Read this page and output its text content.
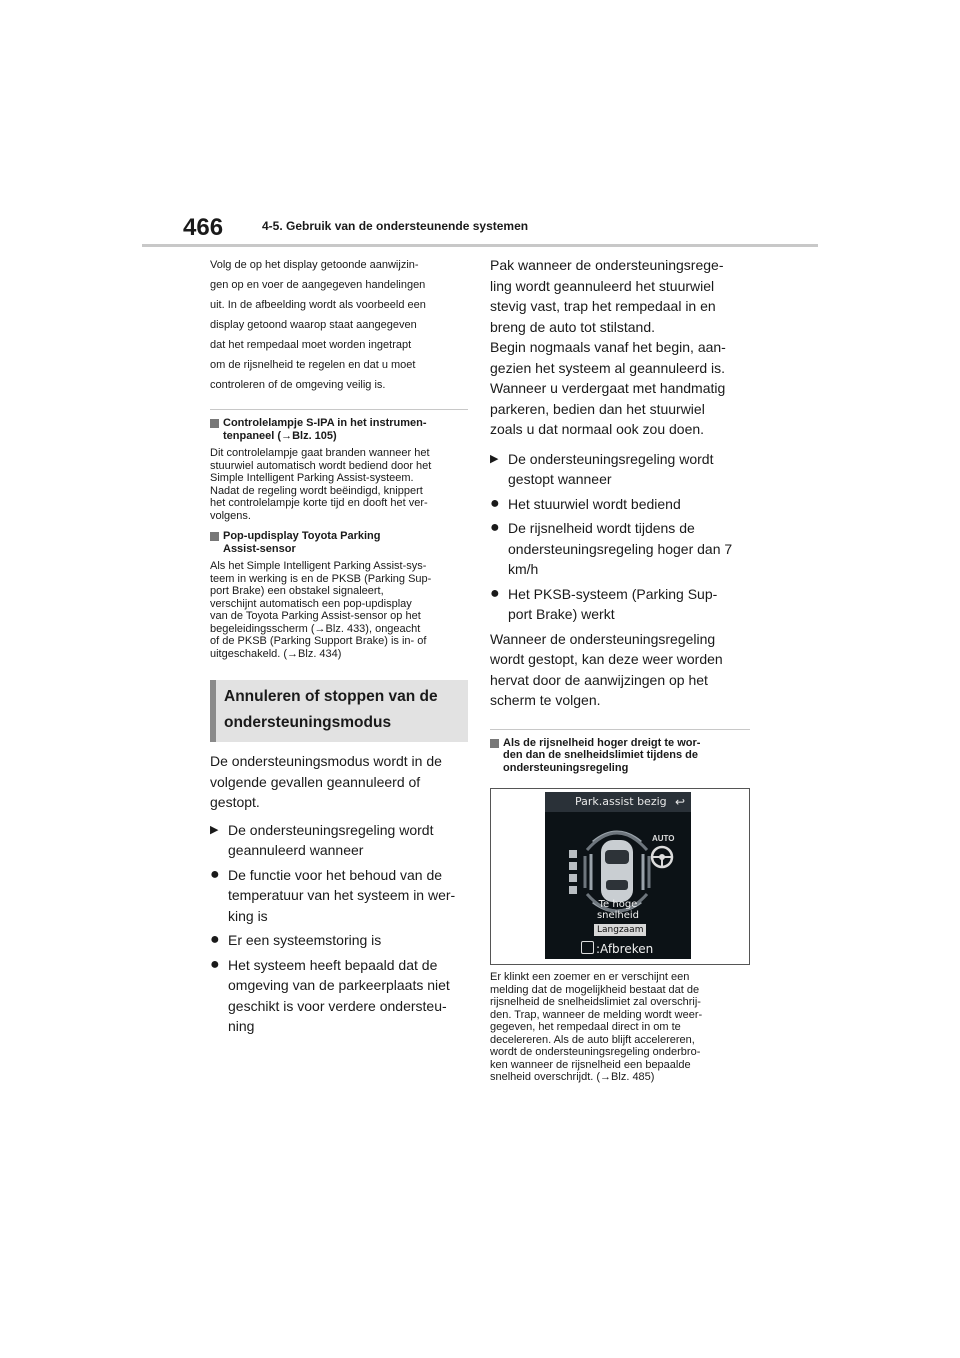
466	4-5. Gebruik van de ondersteunende systemen

Volg de op het display getoonde aanwijzin-

gen op en voer de aangegeven handelingen

uit. In de afbeelding wordt als voorbeeld een

display getoond waarop staat aangegeven

dat het rempedaal moet worden ingetrapt

om de rijsnelheid te regelen en dat u moet

controleren of de omgeving veilig is.

Controlelampje S-IPA in het instrumen-
tenpaneel (→Blz. 105)

Dit controlelampje gaat branden wanneer het

stuurwiel automatisch wordt bediend door het

Simple Intelligent Parking Assist-systeem.

Nadat de regeling wordt beëindigd, knippert

het controlelampje korte tijd en dooft het ver-

volgens.

Pop-updisplay Toyota Parking
Assist-sensor

Als het Simple Intelligent Parking Assist-sys-

teem in werking is en de PKSB (Parking Sup-

port Brake) een obstakel signaleert,

verschijnt automatisch een pop-updisplay

van de Toyota Parking Assist-sensor op het

begeleidingsscherm (→Blz. 433), ongeacht

of de PKSB (Parking Support Brake) is in- of

uitgeschakeld. (→Blz. 434)

Annuleren of stoppen van de
ondersteuningsmodus

De ondersteuningsmodus wordt in de

volgende gevallen geannuleerd of

gestopt.

▶ De ondersteuningsregeling wordt
geannuleerd wanneer
● De functie voor het behoud van de
temperatuur van het systeem in wer-
king is
● Er een systeemstoring is
● Het systeem heeft bepaald dat de
omgeving van de parkeerplaats niet
geschikt is voor verdere ondersteu-
ning

Pak wanneer de ondersteuningsrege-

ling wordt geannuleerd het stuurwiel

stevig vast, trap het rempedaal in en

breng de auto tot stilstand.

Begin nogmaals vanaf het begin, aan-

gezien het systeem al geannuleerd is.

Wanneer u verdergaat met handmatig

parkeren, bedien dan het stuurwiel

zoals u dat normaal ook zou doen.

▶ De ondersteuningsregeling wordt
gestopt wanneer
● Het stuurwiel wordt bediend
● De rijsnelheid wordt tijdens de
ondersteuningsregeling hoger dan 7
km/h
● Het PKSB-systeem (Parking Sup-
port Brake) werkt

Wanneer de ondersteuningsregeling

wordt gestopt, kan deze weer worden

hervat door de aanwijzingen op het

scherm te volgen.

Als de rijsnelheid hoger dreigt te wor-
den dan de snelheidslimiet tijdens de
ondersteuningsregeling
Park.assist bezig ↩
AUTO
Te hoge
snelheid
Langzaam
:Afbreken

Er klinkt een zoemer en er verschijnt een

melding dat de mogelijkheid bestaat dat de

rijsnelheid de snelheidslimiet zal overschrij-

den. Trap, wanneer de melding wordt weer-

gegeven, het rempedaal direct in om te

decelereren. Als de auto blijft accelereren,

wordt de ondersteuningsregeling onderbro-

ken wanneer de rijsnelheid een bepaalde

snelheid overschrijdt. (→Blz. 485)
